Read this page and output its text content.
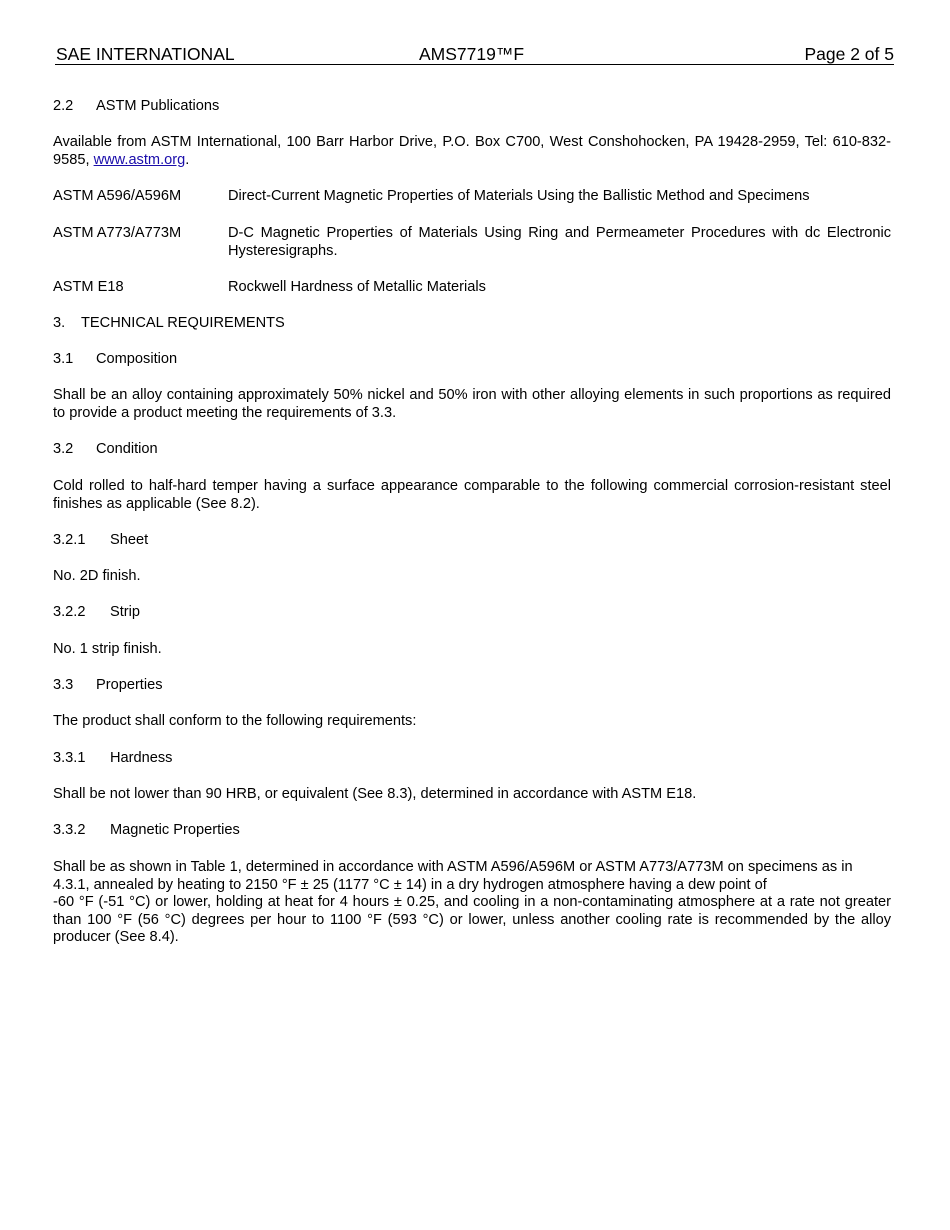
SAE INTERNATIONAL	AMS7719™F	Page 2 of 5
2.2 ASTM Publications
Available from ASTM International, 100 Barr Harbor Drive, P.O. Box C700, West Conshohocken, PA 19428-2959, Tel: 610-832-9585, www.astm.org.
ASTM A596/A596M	Direct-Current Magnetic Properties of Materials Using the Ballistic Method and Specimens
ASTM A773/A773M	D-C Magnetic Properties of Materials Using Ring and Permeameter Procedures with dc Electronic Hysteresigraphs.
ASTM E18	Rockwell Hardness of Metallic Materials
3. TECHNICAL REQUIREMENTS
3.1 Composition
Shall be an alloy containing approximately 50% nickel and 50% iron with other alloying elements in such proportions as required to provide a product meeting the requirements of 3.3.
3.2 Condition
Cold rolled to half-hard temper having a surface appearance comparable to the following commercial corrosion-resistant steel finishes as applicable (See 8.2).
3.2.1 Sheet
No. 2D finish.
3.2.2 Strip
No. 1 strip finish.
3.3 Properties
The product shall conform to the following requirements:
3.3.1 Hardness
Shall be not lower than 90 HRB, or equivalent (See 8.3), determined in accordance with ASTM E18.
3.3.2 Magnetic Properties
Shall be as shown in Table 1, determined in accordance with ASTM A596/A596M or ASTM A773/A773M on specimens as in 4.3.1, annealed by heating to 2150 °F ± 25 (1177 °C ± 14) in a dry hydrogen atmosphere having a dew point of
-60 °F (-51 °C) or lower, holding at heat for 4 hours ± 0.25, and cooling in a non-contaminating atmosphere at a rate not greater than 100 °F (56 °C) degrees per hour to 1100 °F (593 °C) or lower, unless another cooling rate is recommended by the alloy producer (See 8.4).
